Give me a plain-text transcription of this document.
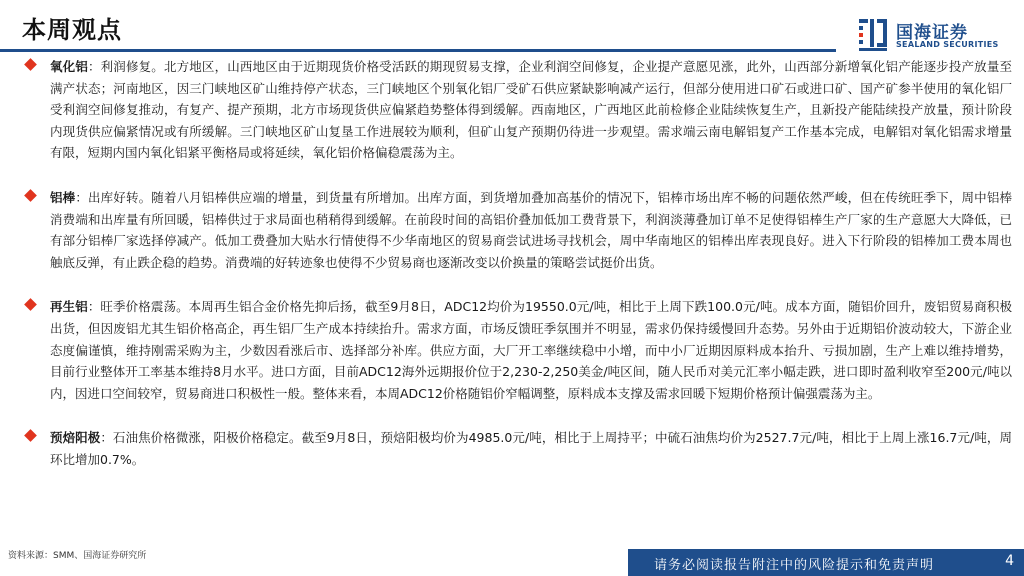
本周观点	国海证券
SEALAND SECURITIES

氧化铝：利润修复。北方地区，山西地区由于近期现货价格受活跃的期现贸易支撑，企业利润空间修复，企业提产意愿见涨，此外，山西部分新增氧化铝产能逐步投产放量至满产状态；河南地区，因三门峡地区矿山维持停产状态，三门峡地区个别氧化铝厂受矿石供应紧缺影响减产运行，但部分使用进口矿石或进口矿、国产矿参半使用的氧化铝厂受利润空间修复推动，有复产、提产预期，北方市场现货供应偏紧趋势整体得到缓解。西南地区，广西地区此前检修企业陆续恢复生产，且新投产能陆续投产放量，预计阶段内现货供应偏紧情况或有所缓解。三门峡地区矿山复垦工作进展较为顺利，但矿山复产预期仍待进一步观望。需求端云南电解铝复产工作基本完成，电解铝对氧化铝需求增量有限，短期内国内氧化铝紧平衡格局或将延续，氧化铝价格偏稳震荡为主。

铝棒：出库好转。随着八月铝棒供应端的增量，到货量有所增加。出库方面，到货增加叠加高基价的情况下，铝棒市场出库不畅的问题依然严峻，但在传统旺季下，周中铝棒消费端和出库量有所回暖，铝棒供过于求局面也稍稍得到缓解。在前段时间的高铝价叠加低加工费背景下，利润淡薄叠加订单不足使得铝棒生产厂家的生产意愿大大降低，已有部分铝棒厂家选择停减产。低加工费叠加大贴水行情使得不少华南地区的贸易商尝试进场寻找机会，周中华南地区的铝棒出库表现良好。进入下行阶段的铝棒加工费本周也触底反弹，有止跌企稳的趋势。消费端的好转迹象也使得不少贸易商也逐渐改变以价换量的策略尝试挺价出货。

再生铝：旺季价格震荡。本周再生铝合金价格先抑后扬，截至9月8日，ADC12均价为19550.0元/吨，相比于上周下跌100.0元/吨。成本方面，随铝价回升，废铝贸易商积极出货，但因废铝尤其生铝价格高企，再生铝厂生产成本持续抬升。需求方面，市场反馈旺季氛围并不明显，需求仍保持缓慢回升态势。另外由于近期铝价波动较大，下游企业态度偏谨慎，维持刚需采购为主，少数因看涨后市、选择部分补库。供应方面，大厂开工率继续稳中小增，而中小厂近期因原料成本抬升、亏损加剧，生产上难以维持增势，目前行业整体开工率基本维持8月水平。进口方面，目前ADC12海外远期报价位于2,230-2,250美金/吨区间，随人民币对美元汇率小幅走跌，进口即时盈利收窄至200元/吨以内，因进口空间较窄，贸易商进口积极性一般。整体来看，本周ADC12价格随铝价窄幅调整，原料成本支撑及需求回暖下短期价格预计偏强震荡为主。

预焙阳极：石油焦价格微涨，阳极价格稳定。截至9月8日，预焙阳极均价为4985.0元/吨，相比于上周持平；中硫石油焦均价为2527.7元/吨，相比于上周上涨16.7元/吨，周环比增加0.7%。

资料来源：SMM、国海证券研究所
请务必阅读报告附注中的风险提示和免责声明	4
